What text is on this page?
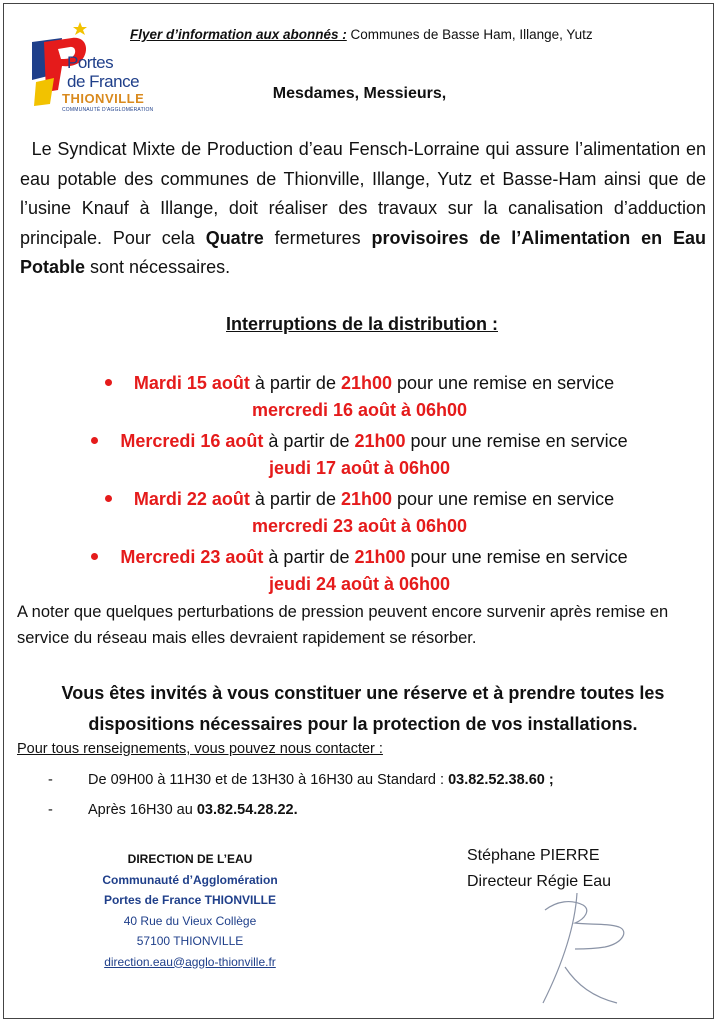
Portes
de France
THIONVILLE
COMMUNAUTÉ D'AGGLOMÉRATION
Flyer d’information aux abonnés : Communes de Basse Ham, Illange, Yutz
Mesdames, Messieurs,

Le Syndicat Mixte de Production d’eau Fensch-Lorraine qui assure l’alimentation en eau potable des communes de Thionville, Illange, Yutz et Basse-Ham ainsi que de l’usine Knauf à Illange, doit réaliser des travaux sur la canalisation d’adduction principale. Pour cela Quatre fermetures provisoires de l’Alimentation en Eau Potable sont nécessaires.

Interruptions de la distribution :
Mardi 15 août à partir de 21h00 pour une remise en service
mercredi 16 août à 06h00
Mercredi 16 août à partir de 21h00 pour une remise en service
jeudi 17 août à 06h00
Mardi 22 août à partir de 21h00 pour une remise en service
mercredi 23 août à 06h00
Mercredi 23 août à partir de 21h00 pour une remise en service
jeudi 24 août à 06h00

A noter que quelques perturbations de pression peuvent encore survenir après remise en service du réseau mais elles devraient rapidement se résorber.

Vous êtes invités à vous constituer une réserve et à prendre toutes les
dispositions nécessaires pour la protection de vos installations.
Pour tous renseignements, vous pouvez nous contacter :
- De 09H00 à 11H30 et de 13H30 à 16H30 au Standard : 03.82.52.38.60 ;
- Après 16H30 au 03.82.54.28.22.
DIRECTION DE L’EAU
Communauté d’Agglomération
Portes de France THIONVILLE
40 Rue du Vieux Collège
57100 THIONVILLE
direction.eau@agglo-thionville.fr
Stéphane PIERRE
Directeur Régie Eau
